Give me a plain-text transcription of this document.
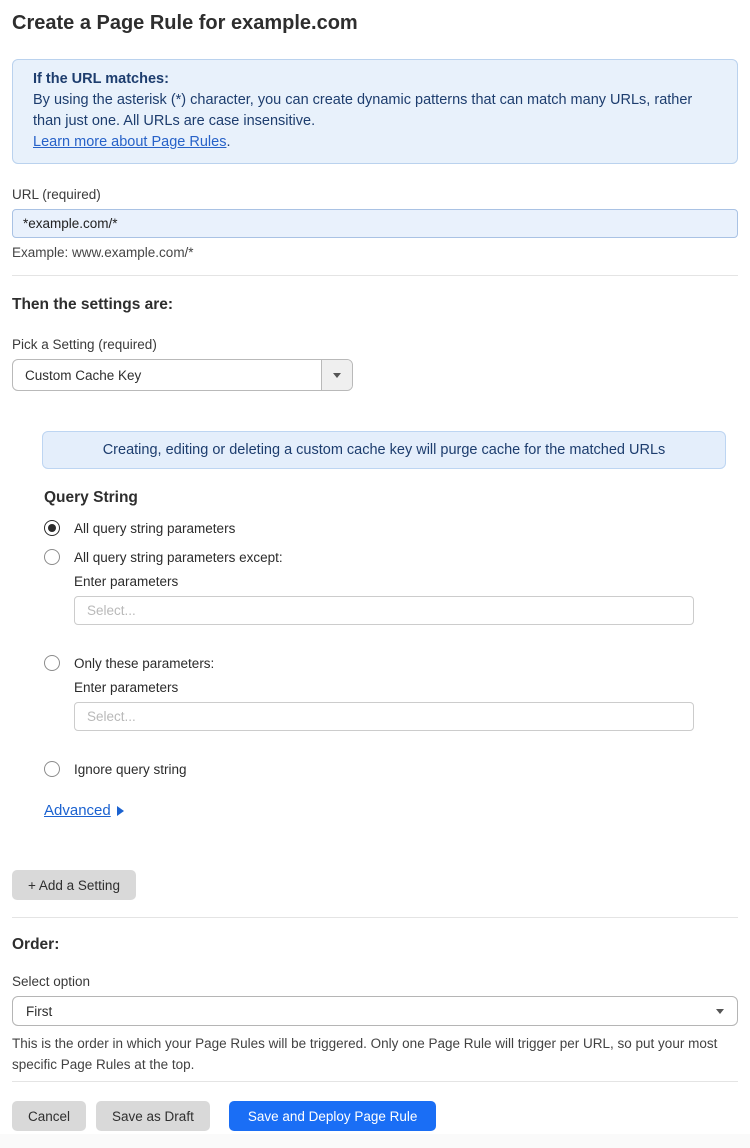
Create a Page Rule for example.com
If the URL matches:
By using the asterisk (*) character, you can create dynamic patterns that can match many URLs, rather than just one. All URLs are case insensitive.
Learn more about Page Rules.
URL (required)
*example.com/*
Example: www.example.com/*
Then the settings are:
Pick a Setting (required)
Custom Cache Key
Creating, editing or deleting a custom cache key will purge cache for the matched URLs
Query String
All query string parameters
All query string parameters except:
Enter parameters
Select...
Only these parameters:
Enter parameters
Select...
Ignore query string
Advanced
+ Add a Setting
Order:
Select option
First
This is the order in which your Page Rules will be triggered. Only one Page Rule will trigger per URL, so put your most specific Page Rules at the top.
Cancel	Save as Draft	Save and Deploy Page Rule
